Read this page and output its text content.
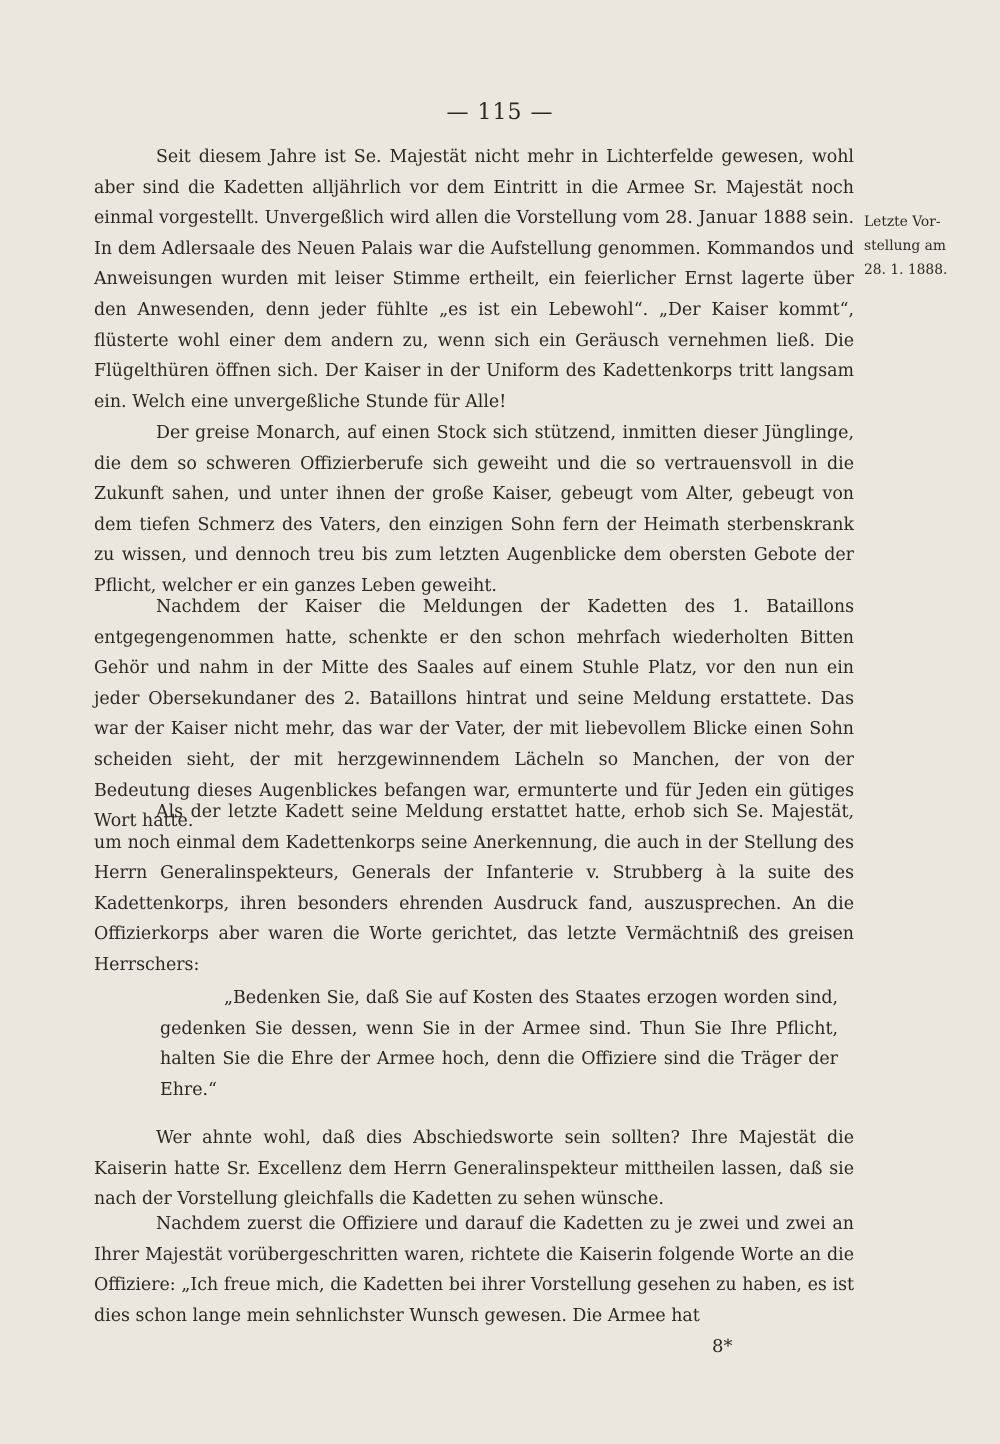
— 115 —

Seit diesem Jahre ist Se. Majestät nicht mehr in Lichterfelde gewesen, wohl aber sind die Kadetten alljährlich vor dem Eintritt in die Armee Sr. Majestät noch einmal vorgestellt. Unvergeßlich wird allen die Vorstellung vom 28. Januar 1888 sein. In dem Adlersaale des Neuen Palais war die Aufstellung genommen. Kommandos und Anweisungen wurden mit leiser Stimme ertheilt, ein feierlicher Ernst lagerte über den Anwesenden, denn jeder fühlte „es ist ein Lebewohl“. „Der Kaiser kommt“, flüsterte wohl einer dem andern zu, wenn sich ein Geräusch vernehmen ließ. Die Flügelthüren öffnen sich. Der Kaiser in der Uniform des Kadettenkorps tritt langsam ein. Welch eine unvergeßliche Stunde für Alle!

Letzte Vor-
stellung am
28. 1. 1888.

Der greise Monarch, auf einen Stock sich stützend, inmitten dieser Jünglinge, die dem so schweren Offizierberufe sich geweiht und die so vertrauensvoll in die Zukunft sahen, und unter ihnen der große Kaiser, gebeugt vom Alter, gebeugt von dem tiefen Schmerz des Vaters, den einzigen Sohn fern der Heimath sterbenskrank zu wissen, und dennoch treu bis zum letzten Augenblicke dem obersten Gebote der Pflicht, welcher er ein ganzes Leben geweiht.

Nachdem der Kaiser die Meldungen der Kadetten des 1. Bataillons entgegengenommen hatte, schenkte er den schon mehrfach wiederholten Bitten Gehör und nahm in der Mitte des Saales auf einem Stuhle Platz, vor den nun ein jeder Obersekundaner des 2. Bataillons hintrat und seine Meldung erstattete. Das war der Kaiser nicht mehr, das war der Vater, der mit liebevollem Blicke einen Sohn scheiden sieht, der mit herzgewinnendem Lächeln so Manchen, der von der Bedeutung dieses Augenblickes befangen war, ermunterte und für Jeden ein gütiges Wort hatte.

Als der letzte Kadett seine Meldung erstattet hatte, erhob sich Se. Majestät, um noch einmal dem Kadettenkorps seine Anerkennung, die auch in der Stellung des Herrn Generalinspekteurs, Generals der Infanterie v. Strubberg à la suite des Kadettenkorps, ihren besonders ehrenden Ausdruck fand, auszusprechen. An die Offizierkorps aber waren die Worte gerichtet, das letzte Vermächtniß des greisen Herrschers:

„Bedenken Sie, daß Sie auf Kosten des Staates erzogen worden sind, gedenken Sie dessen, wenn Sie in der Armee sind. Thun Sie Ihre Pflicht, halten Sie die Ehre der Armee hoch, denn die Offiziere sind die Träger der Ehre.“

Wer ahnte wohl, daß dies Abschiedsworte sein sollten? Ihre Majestät die Kaiserin hatte Sr. Excellenz dem Herrn Generalinspekteur mittheilen lassen, daß sie nach der Vorstellung gleichfalls die Kadetten zu sehen wünsche.

Nachdem zuerst die Offiziere und darauf die Kadetten zu je zwei und zwei an Ihrer Majestät vorübergeschritten waren, richtete die Kaiserin folgende Worte an die Offiziere: „Ich freue mich, die Kadetten bei ihrer Vorstellung gesehen zu haben, es ist dies schon lange mein sehnlichster Wunsch gewesen. Die Armee hat

8*
